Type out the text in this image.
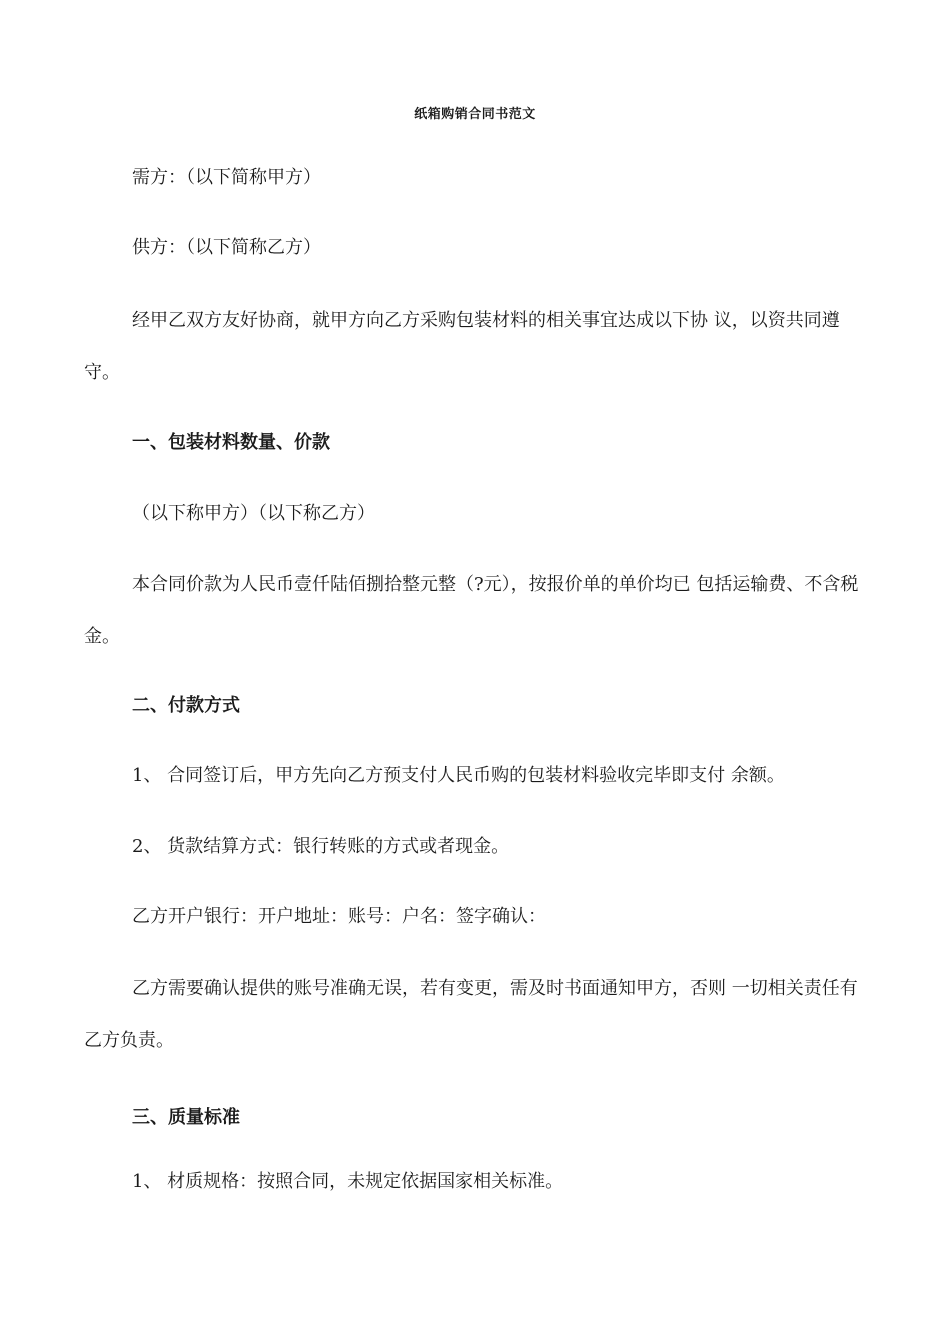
纸箱购销合同书范文

需方：（以下简称甲方）

供方：（以下简称乙方）

经甲乙双方友好协商，就甲方向乙方采购包装材料的相关事宜达成以下协 议，以资共同遵守。

一、包装材料数量、价款

（以下称甲方）（以下称乙方）

本合同价款为人民币壹仟陆佰捌拾整元整（?元），按报价单的单价均已 包括运输费、不含税金。

二、付款方式

1、 合同签订后，甲方先向乙方预支付人民币购的包装材料验收完毕即支付 余额。

2、 货款结算方式：银行转账的方式或者现金。

乙方开户银行：开户地址：账号：户名：签字确认：

乙方需要确认提供的账号准确无误，若有变更，需及时书面通知甲方，否则 一切相关责任有乙方负责。

三、质量标准

1、 材质规格：按照合同，未规定依据国家相关标准。
